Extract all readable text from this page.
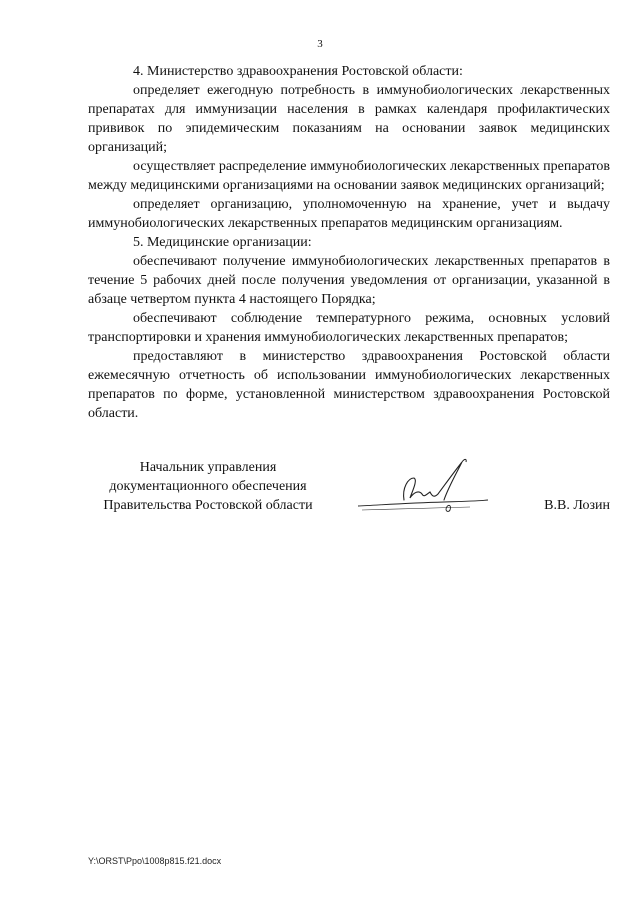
3

4. Министерство здравоохранения Ростовской области:

определяет ежегодную потребность в иммунобиологических лекарственных препаратах для иммунизации населения в рамках календаря профилактических прививок по эпидемическим показаниям на основании заявок медицинских организаций;

осуществляет распределение иммунобиологических лекарственных препаратов между медицинскими организациями на основании заявок медицинских организаций;

определяет организацию, уполномоченную на хранение, учет и выдачу иммунобиологических лекарственных препаратов медицинским организациям.

5. Медицинские организации:

обеспечивают получение иммунобиологических лекарственных препаратов в течение 5 рабочих дней после получения уведомления от организации, указанной в абзаце четвертом пункта 4 настоящего Порядка;

обеспечивают соблюдение температурного режима, основных условий транспортировки и хранения иммунобиологических лекарственных препаратов;

предоставляют в министерство здравоохранения Ростовской области ежемесячную отчетность об использовании иммунобиологических лекарственных препаратов по форме, установленной министерством здравоохранения Ростовской области.

Начальник управления
документационного обеспечения
Правительства Ростовской области	В.В. Лозин
Y:\ORST\Ppo\1008p815.f21.docx
